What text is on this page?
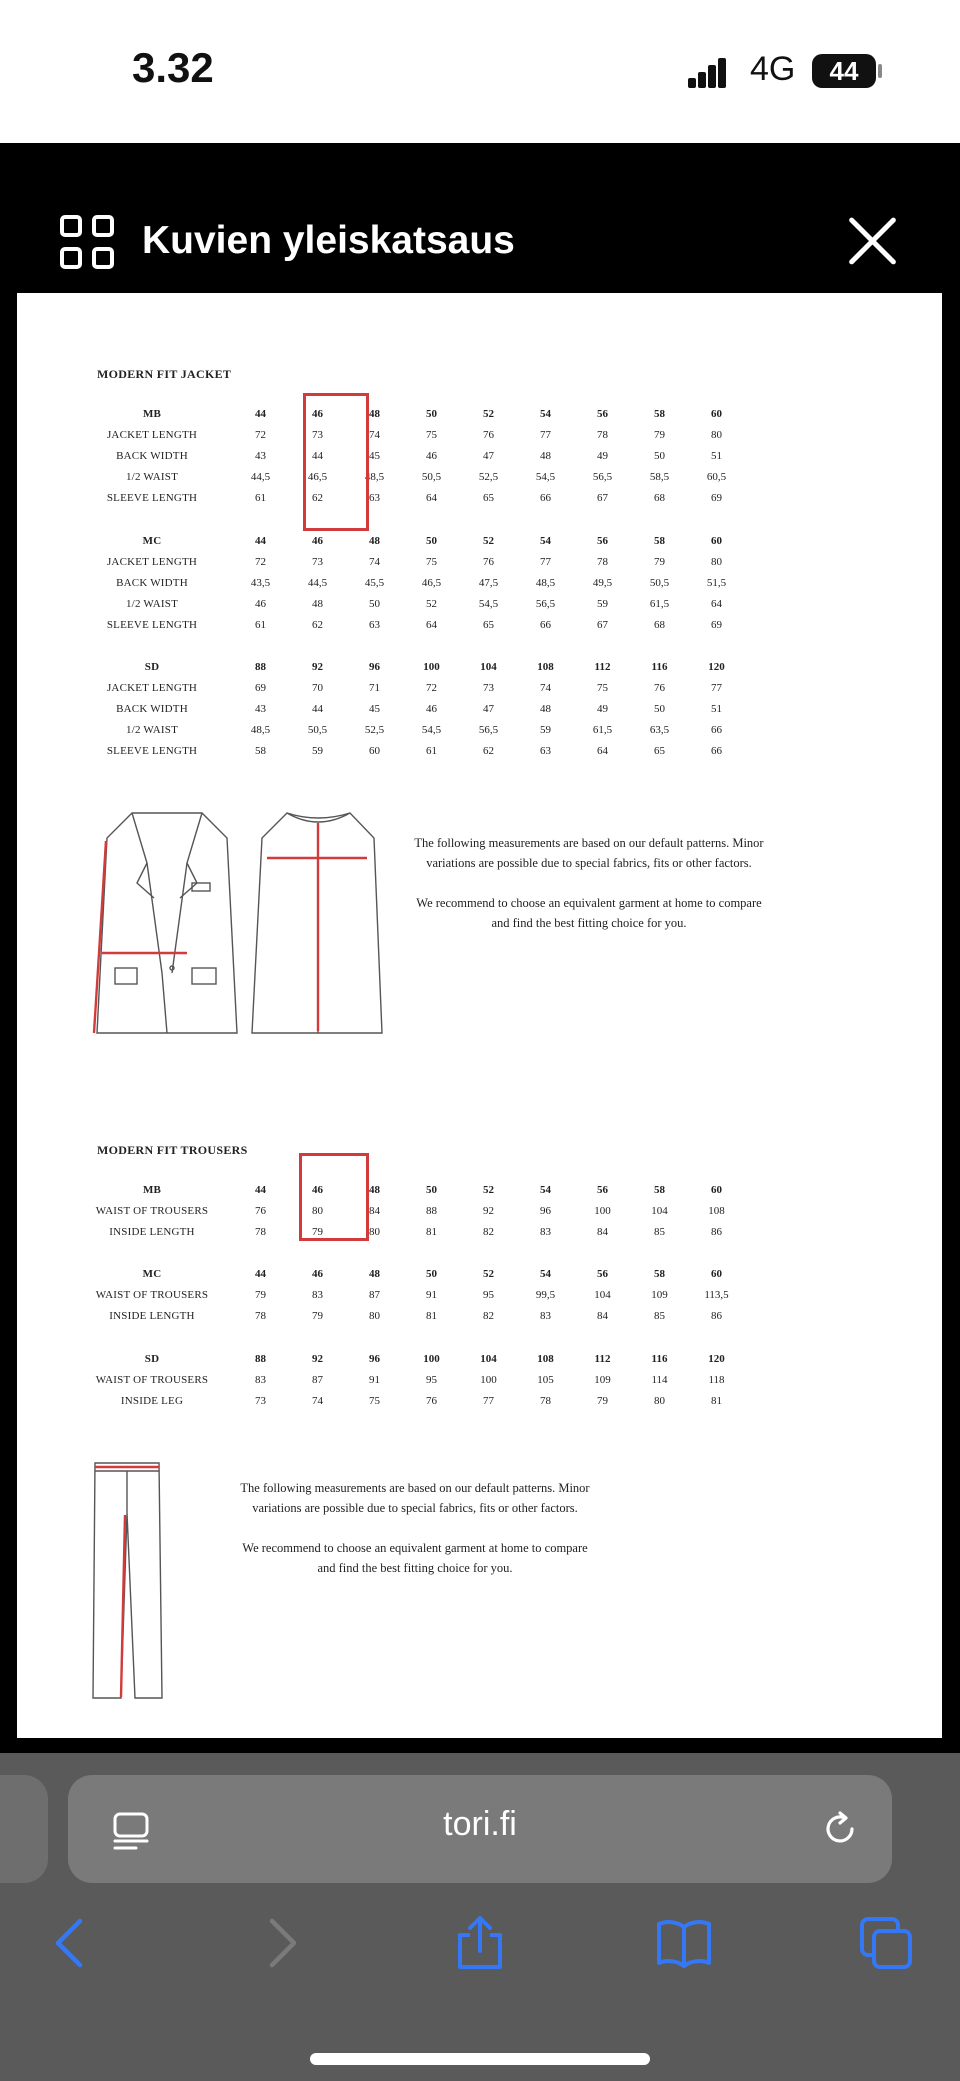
3.32	4G	44
Kuvien yleiskatsaus
MODERN FIT JACKET
MB	44	46	48	50	52	54	56	58	60
JACKET LENGTH	72	73	74	75	76	77	78	79	80
BACK WIDTH	43	44	45	46	47	48	49	50	51
1/2 WAIST	44,5	46,5	48,5	50,5	52,5	54,5	56,5	58,5	60,5
SLEEVE LENGTH	61	62	63	64	65	66	67	68	69
MC	44	46	48	50	52	54	56	58	60
JACKET LENGTH	72	73	74	75	76	77	78	79	80
BACK WIDTH	43,5	44,5	45,5	46,5	47,5	48,5	49,5	50,5	51,5
1/2 WAIST	46	48	50	52	54,5	56,5	59	61,5	64
SLEEVE LENGTH	61	62	63	64	65	66	67	68	69
SD	88	92	96	100	104	108	112	116	120
JACKET LENGTH	69	70	71	72	73	74	75	76	77
BACK WIDTH	43	44	45	46	47	48	49	50	51
1/2 WAIST	48,5	50,5	52,5	54,5	56,5	59	61,5	63,5	66
SLEEVE LENGTH	58	59	60	61	62	63	64	65	66
The following measurements are based on our default patterns. Minor variations are possible due to special fabrics, fits or other factors.
We recommend to choose an equivalent garment at home to compare and find the best fitting choice for you.
MODERN FIT TROUSERS
MB	44	46	48	50	52	54	56	58	60
WAIST OF TROUSERS	76	80	84	88	92	96	100	104	108
INSIDE LENGTH	78	79	80	81	82	83	84	85	86
MC	44	46	48	50	52	54	56	58	60
WAIST OF TROUSERS	79	83	87	91	95	99,5	104	109	113,5
INSIDE LENGTH	78	79	80	81	82	83	84	85	86
SD	88	92	96	100	104	108	112	116	120
WAIST OF TROUSERS	83	87	91	95	100	105	109	114	118
INSIDE LEG	73	74	75	76	77	78	79	80	81
The following measurements are based on our default patterns. Minor variations are possible due to special fabrics, fits or other factors.
We recommend to choose an equivalent garment at home to compare and find the best fitting choice for you.
tori.fi
